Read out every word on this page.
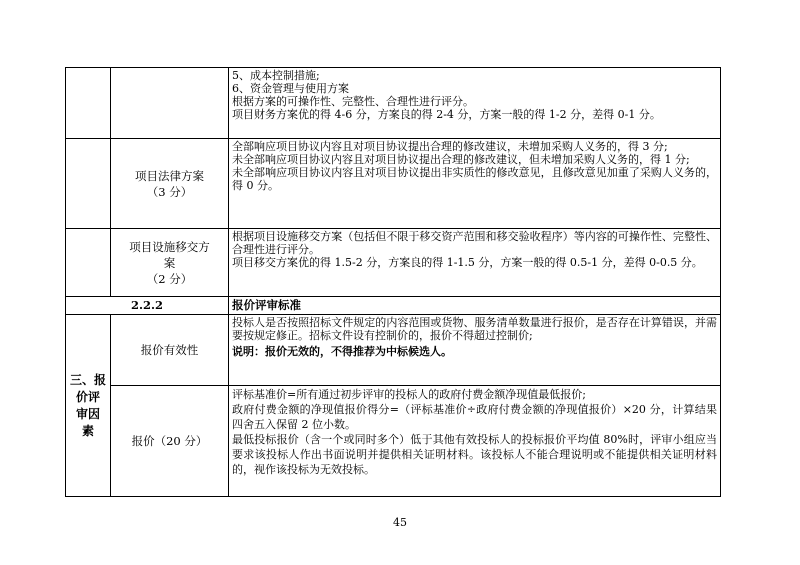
		5、成本控制措施;
6、资金管理与使用方案
根据方案的可操作性、完整性、合理性进行评分。
项目财务方案优的得 4-6 分，方案良的得 2-4 分，方案一般的得 1-2 分，差得 0-1 分。

	项目法律方案
（3 分）	全部响应项目协议内容且对项目协议提出合理的修改建议，未增加采购人义务的，得 3 分;
未全部响应项目协议内容且对项目协议提出合理的修改建议，但未增加采购人义务的，得 1 分;
未全部响应项目协议内容且对项目协议提出非实质性的修改意见，且修改意见加重了采购人义务的，得 0 分。

	项目设施移交方
案
（2 分）	根据项目设施移交方案（包括但不限于移交资产范围和移交验收程序）等内容的可操作性、完整性、合理性进行评分。
项目移交方案优的得 1.5-2 分，方案良的得 1-1.5 分，方案一般的得 0.5-1 分，差得 0-0.5 分。

2.2.2		报价评审标准

三、报
价评
审因
素	报价有效性	投标人是否按照招标文件规定的内容范围或货物、服务清单数量进行报价，是否存在计算错误，并需要按规定修正。招标文件设有控制价的，报价不得超过控制价;
说明：报价无效的，不得推荐为中标候选人。

	报价（20 分）	评标基准价=所有通过初步评审的投标人的政府付费金额净现值最低报价;
政府付费金额的净现值报价得分=（评标基准价÷政府付费金额的净现值报价）×20 分，计算结果四舍五入保留 2 位小数。
最低投标报价（含一个或同时多个）低于其他有效投标人的投标报价平均值 80%时，评审小组应当要求该投标人作出书面说明并提供相关证明材料。该投标人不能合理说明或不能提供相关证明材料的，视作该投标为无效投标。
45
